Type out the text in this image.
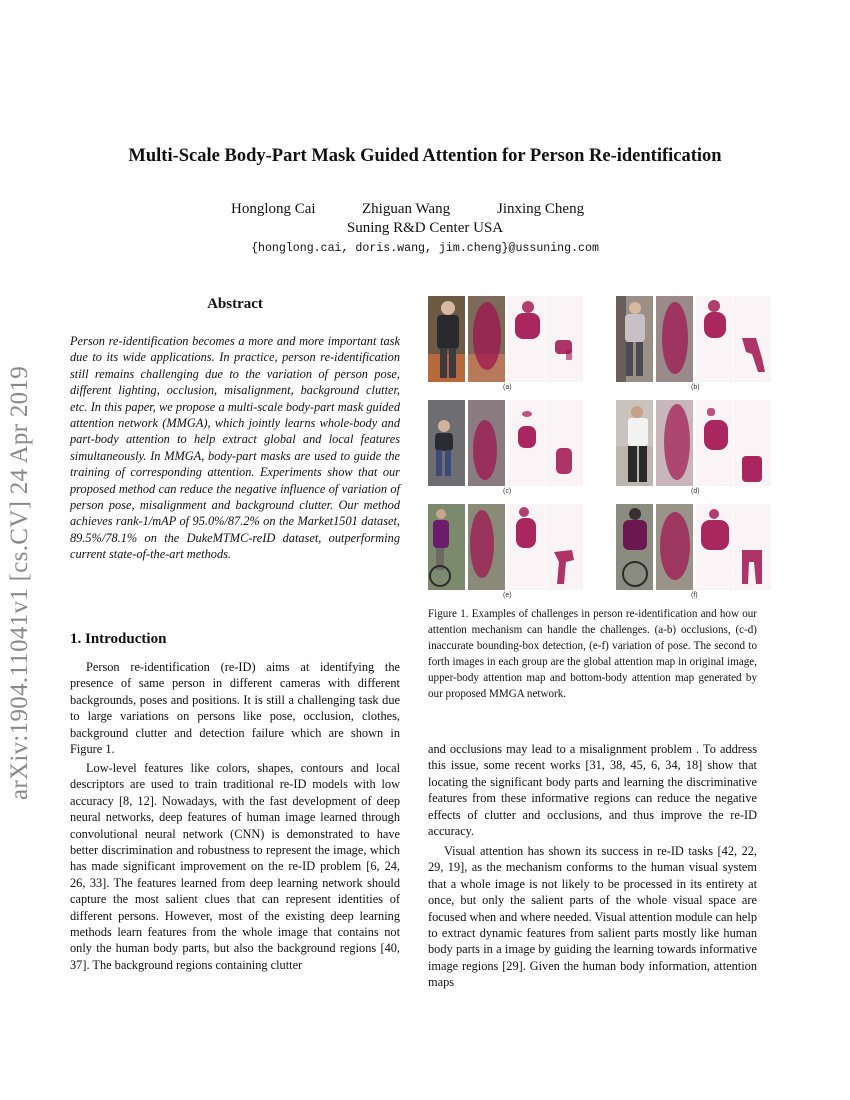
arXiv:1904.11041v1 [cs.CV] 24 Apr 2019
Multi-Scale Body-Part Mask Guided Attention for Person Re-identification
Honglong Cai	Zhiguan Wang	Jinxing Cheng
Suning R&D Center USA
{honglong.cai, doris.wang, jim.cheng}@ussuning.com
Abstract
Person re-identification becomes a more and more important task due to its wide applications. In practice, person re-identification still remains challenging due to the variation of person pose, different lighting, occlusion, misalignment, background clutter, etc. In this paper, we propose a multi-scale body-part mask guided attention network (MMGA), which jointly learns whole-body and part-body attention to help extract global and local features simultaneously. In MMGA, body-part masks are used to guide the training of corresponding attention. Experiments show that our proposed method can reduce the negative influence of variation of person pose, misalignment and background clutter. Our method achieves rank-1/mAP of 95.0%/87.2% on the Market1501 dataset, 89.5%/78.1% on the DukeMTMC-reID dataset, outperforming current state-of-the-art methods.
1. Introduction
Person re-identification (re-ID) aims at identifying the presence of same person in different cameras with different backgrounds, poses and positions. It is still a challenging task due to large variations on persons like pose, occlusion, clothes, background clutter and detection failure which are shown in Figure 1.
Low-level features like colors, shapes, contours and local descriptors are used to train traditional re-ID models with low accuracy [8, 12]. Nowadays, with the fast development of deep neural networks, deep features of human image learned through convolutional neural network (CNN) is demonstrated to have better discrimination and robustness to represent the image, which has made significant improvement on the re-ID problem [6, 24, 26, 33]. The features learned from deep learning network should capture the most salient clues that can represent identities of different persons. However, most of the existing deep learning methods learn features from the whole image that contains not only the human body parts, but also the background regions [40, 37]. The background regions containing clutter
and occlusions may lead to a misalignment problem . To address this issue, some recent works [31, 38, 45, 6, 34, 18] show that locating the significant body parts and learning the discriminative features from these informative regions can reduce the negative effects of clutter and occlusions, and thus improve the re-ID accuracy.
Visual attention has shown its success in re-ID tasks [42, 22, 29, 19], as the mechanism conforms to the human visual system that a whole image is not likely to be processed in its entirety at once, but only the salient parts of the whole visual space are focused when and where needed. Visual attention module can help to extract dynamic features from salient parts mostly like human body parts in a image by guiding the learning towards informative image regions [29]. Given the human body information, attention maps
(a)	(b)
(c)	(d)
(e)	(f)
Figure 1. Examples of challenges in person re-identification and how our attention mechanism can handle the challenges. (a-b) occlusions, (c-d) inaccurate bounding-box detection, (e-f) variation of pose. The second to forth images in each group are the global attention map in original image, upper-body attention map and bottom-body attention map generated by our proposed MMGA network.
